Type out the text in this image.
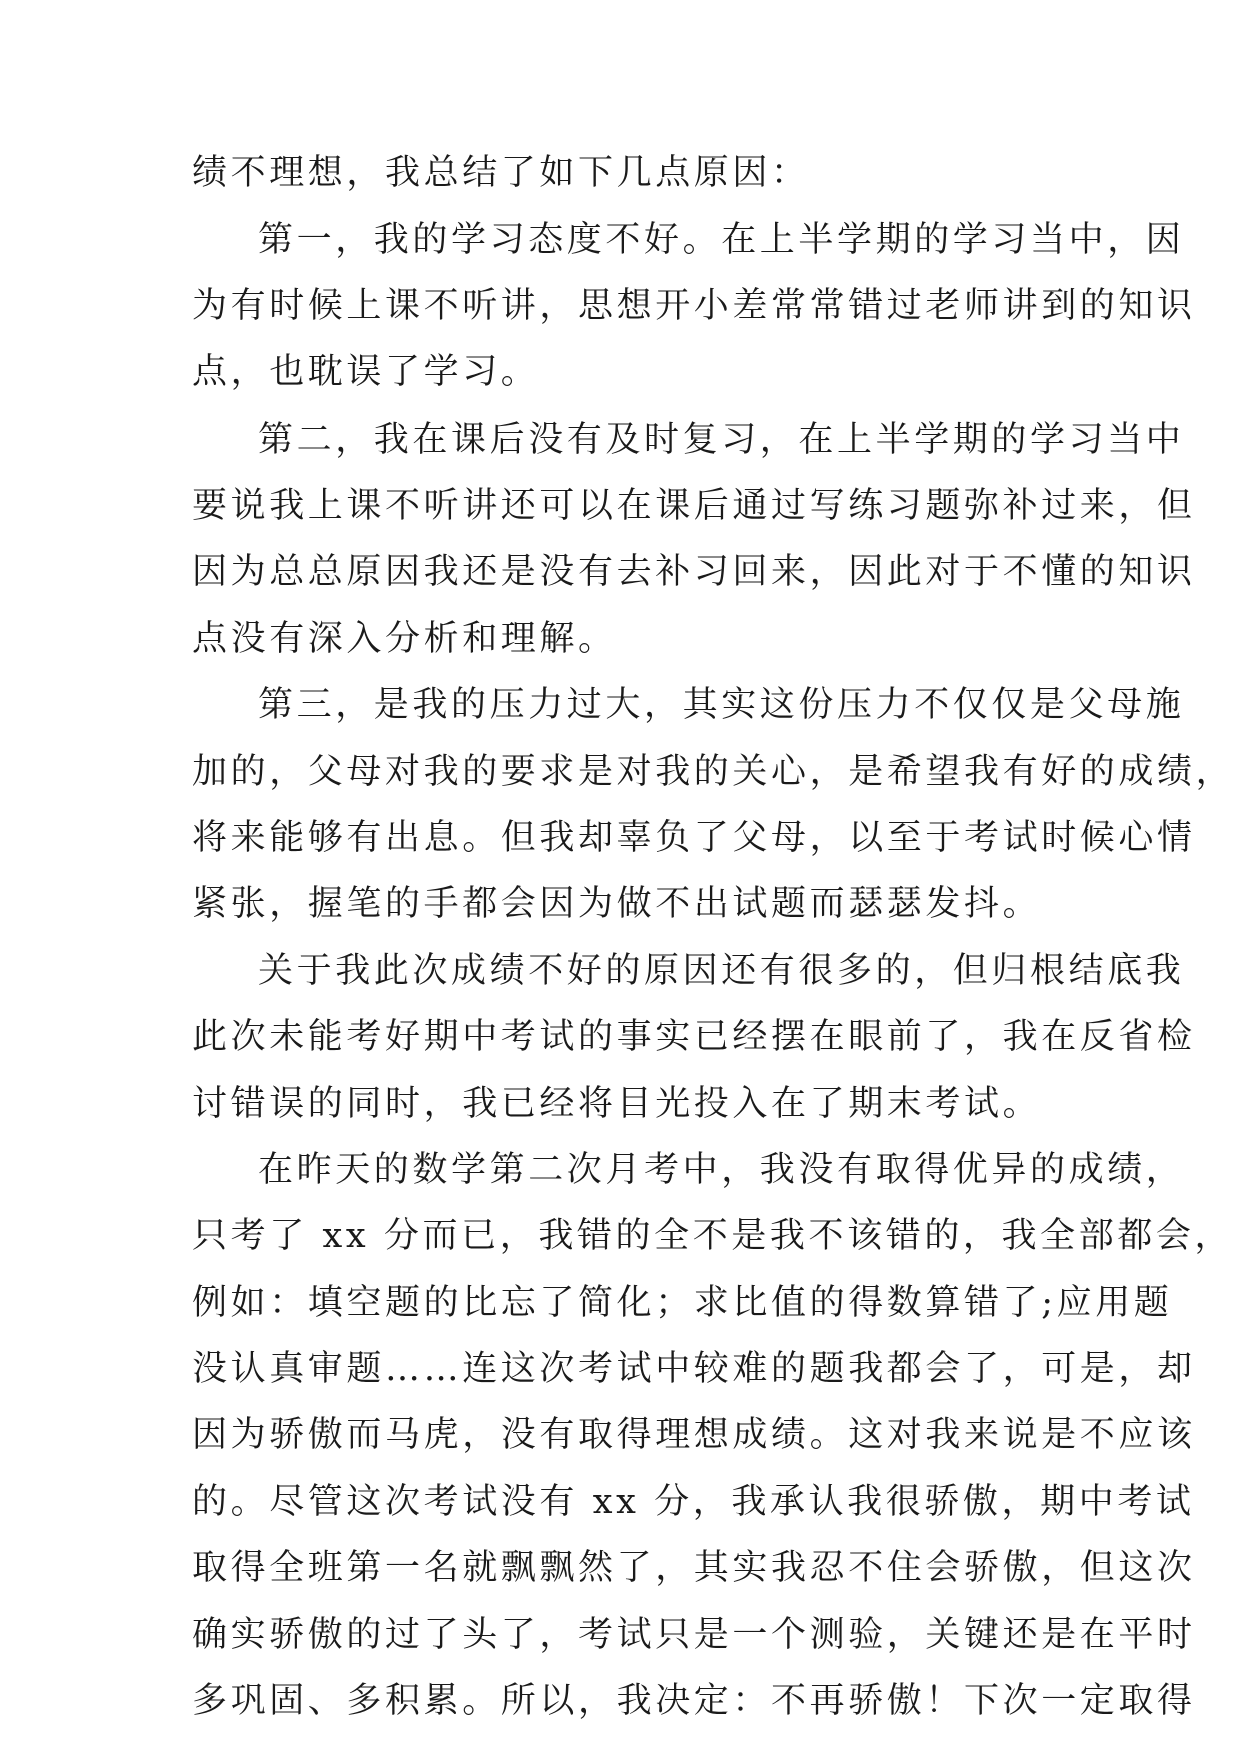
绩不理想，我总结了如下几点原因：
第一，我的学习态度不好。在上半学期的学习当中，因
为有时候上课不听讲，思想开小差常常错过老师讲到的知识
点，也耽误了学习。
第二，我在课后没有及时复习，在上半学期的学习当中
要说我上课不听讲还可以在课后通过写练习题弥补过来，但
因为总总原因我还是没有去补习回来，因此对于不懂的知识
点没有深入分析和理解。
第三，是我的压力过大，其实这份压力不仅仅是父母施
加的，父母对我的要求是对我的关心，是希望我有好的成绩，
将来能够有出息。但我却辜负了父母，以至于考试时候心情
紧张，握笔的手都会因为做不出试题而瑟瑟发抖。
关于我此次成绩不好的原因还有很多的，但归根结底我
此次未能考好期中考试的事实已经摆在眼前了，我在反省检
讨错误的同时，我已经将目光投入在了期末考试。
在昨天的数学第二次月考中，我没有取得优异的成绩，
只考了 xx 分而已，我错的全不是我不该错的，我全部都会，
例如：填空题的比忘了简化；求比值的得数算错了;应用题
没认真审题……连这次考试中较难的题我都会了，可是，却
因为骄傲而马虎，没有取得理想成绩。这对我来说是不应该
的。尽管这次考试没有 xx 分，我承认我很骄傲，期中考试
取得全班第一名就飘飘然了，其实我忍不住会骄傲，但这次
确实骄傲的过了头了，考试只是一个测验，关键还是在平时
多巩固、多积累。所以，我决定：不再骄傲！下次一定取得
